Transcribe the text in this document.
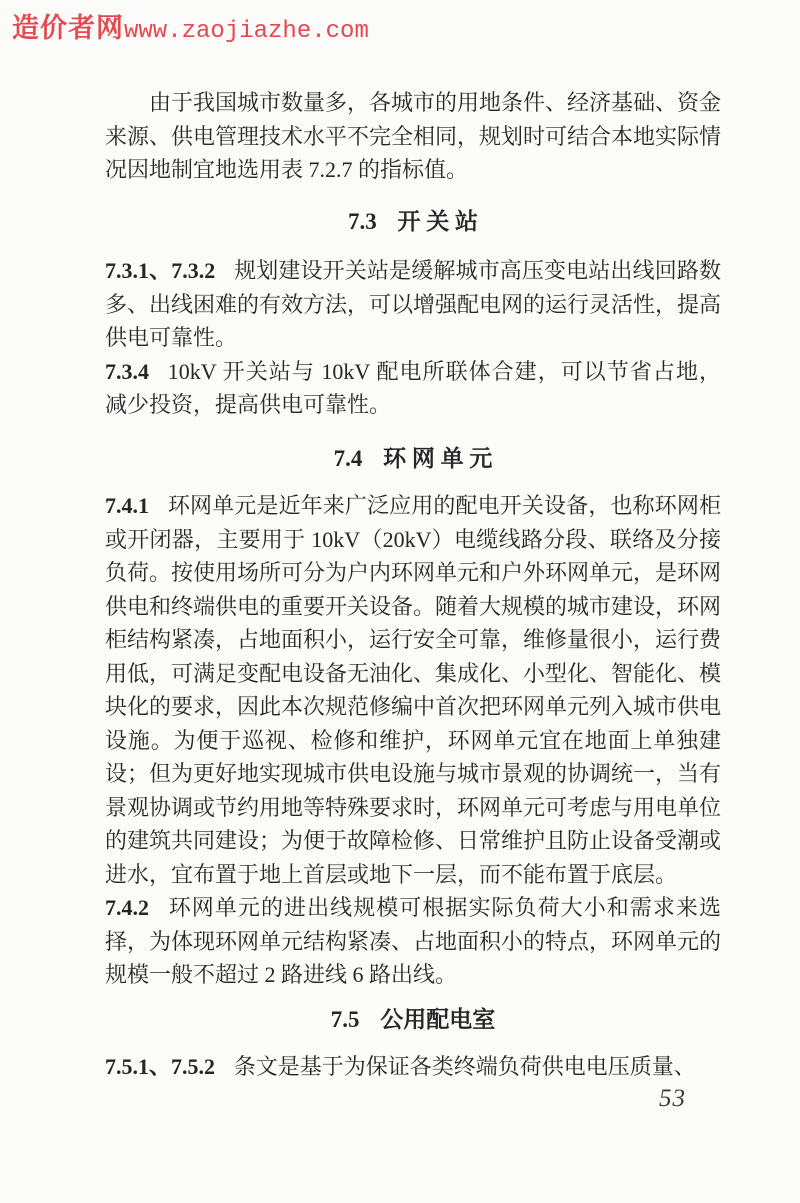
造价者网 www.zaojiazhe.com

由于我国城市数量多，各城市的用地条件、经济基础、资金来源、供电管理技术水平不完全相同，规划时可结合本地实际情况因地制宜地选用表 7.2.7 的指标值。

7.3 开 关 站

7.3.1、7.3.2 规划建设开关站是缓解城市高压变电站出线回路数多、出线困难的有效方法，可以增强配电网的运行灵活性，提高供电可靠性。

7.3.4 10kV 开关站与 10kV 配电所联体合建，可以节省占地，减少投资，提高供电可靠性。

7.4 环 网 单 元

7.4.1 环网单元是近年来广泛应用的配电开关设备，也称环网柜或开闭器，主要用于 10kV（20kV）电缆线路分段、联络及分接负荷。按使用场所可分为户内环网单元和户外环网单元，是环网供电和终端供电的重要开关设备。随着大规模的城市建设，环网柜结构紧凑，占地面积小，运行安全可靠，维修量很小，运行费用低，可满足变配电设备无油化、集成化、小型化、智能化、模块化的要求，因此本次规范修编中首次把环网单元列入城市供电设施。为便于巡视、检修和维护，环网单元宜在地面上单独建设；但为更好地实现城市供电设施与城市景观的协调统一，当有景观协调或节约用地等特殊要求时，环网单元可考虑与用电单位的建筑共同建设；为便于故障检修、日常维护且防止设备受潮或进水，宜布置于地上首层或地下一层，而不能布置于底层。

7.4.2 环网单元的进出线规模可根据实际负荷大小和需求来选择，为体现环网单元结构紧凑、占地面积小的特点，环网单元的规模一般不超过 2 路进线 6 路出线。

7.5 公用配电室

7.5.1、7.5.2 条文是基于为保证各类终端负荷供电电压质量、

53
